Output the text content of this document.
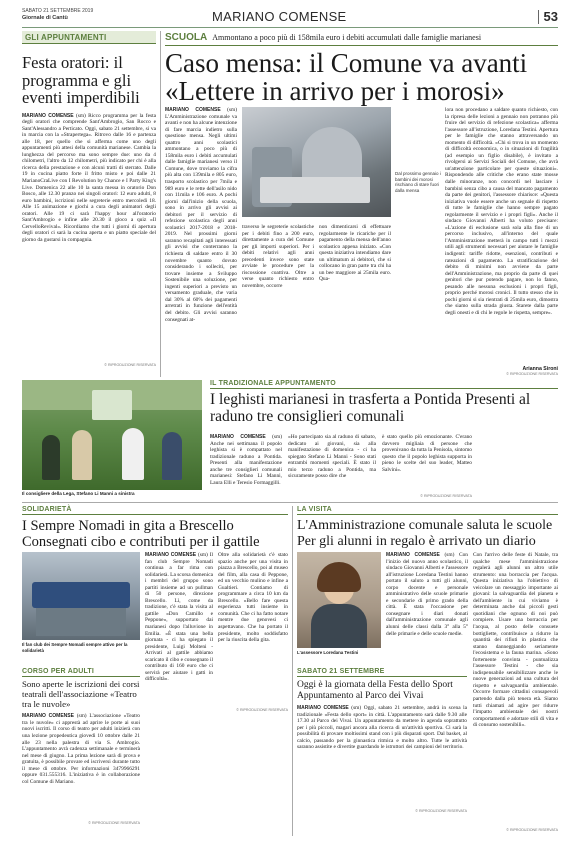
SABATO 21 SETTEMBRE 2019
Giornale di Cantù	MARIANO COMENSE	53
GLI APPUNTAMENTI
Festa oratori: il programma e gli eventi imperdibili
MARIANO COMENSE (sm) Ricco programma per la festa degli oratori che comprende Sant'Ambrogio, San Rocco e Sant'Alessandro a Perticato. Oggi, sabato 21 settembre, si va in marcia con la «Strapertega». Ritrovo dalle 16 e partenza alle 18, per quello che si afferma come uno degli appuntamenti più attesi della comunità marianese. Cambia la lunghezza del percorso ma sono sempre due: uno da 4 chilometri, l'altro da 12 chilometri, più indicato per chi è alla ricerca della prestazione e con alcuni tratti di sterrato. Dalle 19 in cucina piatto forte il fritto misto e poi dalle 21 MarianoCraLive con I Revolution by Chance e I Party King's Live. Domenica 22 alle 10 la santa messa in oratorio Don Bosco, alle 12.30 pranzo nei singoli oratori: 12 euro adulti, 8 euro bambini, iscrizioni nelle segreterie entro mercoledì 18. Alle 15 animazione e giochi a cura degli animatori degli oratori. Alle 19 ci sarà l'happy hour all'oratorio Sant'Ambrogio e infine alle 20.30 il gioco a quiz «Il CervelloRevival». Ricordiamo che tutti i giorni di apertura degli oratori ci sarà la cucina aperta e un piatto speciale del giorno da gustarsi in compagnia.
© RIPRODUZIONE RISERVATA
SCUOLA Ammontano a poco più di 158mila euro i debiti accumulati dalle famiglie marianesi
Caso mensa: il Comune va avanti «Lettere in arrivo per i morosi»
MARIANO COMENSE (sm) L'Amministrazione comunale va avanti e non ha alcune intenzione di fare marcia indietro sulla questione mensa. Negli ultimi quattro anni scolastici ammontano a poco più di 158mila euro i debiti accumulati dalle famiglie marianesi verso il Comune, dove troviamo la cifra più alta con 139mila e 805 euro, trasporto scolastico per 7mila e 989 euro e le rette dell'asilo nido con 11mila e 106 euro. A pochi giorni dall'inizio della scuola, sono in arrivo gli avvisi ai debitori per il servizio di refezione scolastica degli anni scolastici 2017-2018 e 2018-2019. Nel prossimi giorni saranno recapitati agli interessati gli avvisi che conterranno la richiesta di saldare entro il 30 novembre quanto dovuto considerando i solleciti, per trovare insieme a Sviluppo Sostenibile una soluzione, per ingenti superiori a previsto un versamento graduale, che varia dal 30% al 60% dei pagamenti arretrati in funzione dell'entità del debito. Gli avvisi saranno consegnati at-
Dal prossimo gennaio i bambini dei morosi rischiano di stare fuori dalla mensa
traverso le segreterie scolastiche per i debiti fino a 200 euro, direttamente a cura del Comune per gli importi superiori. Per i debiti relativi agli anni precedenti invece sono state avviate le procedure per la riscossione coattiva. Oltre a verse quanto richiesto entro novembre, occorre
non dimenticarsi di effettuare regolarmente le ricariche per il pagamento della mensa dell'anno scolastico appena iniziato. «Con questa iniziativa intendiamo dare un ultimatum ai debitori, che si collocano in gran parte tra chi ha un bee maggiore ai 25mila euro. Qua-
lora non procedano a saldare quanto richiesto, con la ripresa delle lezioni a gennaio non potranno più fruire del servizio di refezione scolastica» afferma l'assessore all'istruzione, Loredana Testini. Apertura per le famiglie che stanno attraversando un momento di difficoltà. «Chi si trova in un momento di difficoltà economica, o in situazioni di fragilità (ad esempio un figlio disabile), è invitato a rivolgersi ai Servizi Sociali del Comune, che avrà un'attenzione particolare per queste situazioni». Rispondendo alle critiche che erano state mosse dalle minoranze, non concordi nel lasciare i bambini senza cibo a causa del mancato pagamento da parte dei genitori, l'assessore chiarisce: «Questa iniziativa vuole essere anche un segnale di rispetto di tutte le famiglie che hanno sempre pagato regolarmente il servizio e i propri figli». Anche il sindaco Giovanni Alberti ha voluto precisare: «L'azione di esclusione sarà sola alla fine di un percorso inclusivo, all'interno del quale l'Amministrazione metterà in campo tutti i mezzi utili agli strumenti necessari per aiutare le famiglie indigenti: tariffe ridotte, esenzioni, contributi e rateazioni di pagamento. La stratificazione del debito di minimi non avviene da parte dell'Amministrazione, ma proprio da parte di quei genitori che pur potendo pagare, non lo fanno, pesando alle nessuna esclusioni i propri figli, proprio perché morosi cronici. Il tutto stesso che in pochi giorni si sia rientrati di 25mila euro, dimostra che siamo sulla strada giusta. Starete dalla parte degli onesti e di chi le regole le rispetta, sempre».
Arianna Sironi
© RIPRODUZIONE RISERVATA
IL TRADIZIONALE APPUNTAMENTO
I leghisti marianesi in trasferta a Pontida Presenti al raduno tre consiglieri comunali
MARIANO COMENSE (sm) Anche nei settimana il popolo leghista si è compattato nel tradizionale raduno a Pontida. Presenti alla manifestazione anche tre consiglieri comunali marianesi: Stefano Li Manni, Laura Elli e Teresio Formaggilli.
«Ho partecipato sia al raduno di sabato, dedicato ai giovani, sia alla manifestazione di domenica - ci ha spiegato Stefano Li Manni - Sono stati entrambi momenti speciali. È stato il mio terzo raduno a Pontida, ma sicuramente posso dire che
è stato quello più emozionante. C'erano davvero migliaia di persone che provenivano da tutta la Penisola, sintomo questo che il popolo leghista supporta in pieno le scelte del suo leader, Matteo Salvini».
© RIPRODUZIONE RISERVATA
Il consigliere della Lega, Stefano Li Manni a sinistra
SOLIDARIETÀ
I Sempre Nomadi in gita a Brescello Consegnati cibo e contributi per il gattile
Il fan club dei Sempre Nomadi sempre attivo per la solidarietà
MARIANO COMENSE (sm) Il fan club Sempre Nomadi continua a far rima con solidarietà. La scorsa domenica i membri del gruppo sono partiti insieme ad un pullman di 50 persone, direzione Brescello. Lì, come da tradizione, c'è stata la visita al gattile «Don Camillo e Peppone», supportato dai marianesi dopo l'alluvione in Emilia. «È stata una bella giornata - ci ha spiegato il presidente, Luigi Molteni - Arrivati al gattile abbiamo scaricato il cibo e consegnato il contributo di 160 euro che ci servirà per aiutare i gatti in difficoltà».
Oltre alla solidarietà c'è stato spazio anche per una visita in piazza a Brescello, poi al museo del film, alla casa di Peppone, ed un vecchio mulino e infine a Gualtieri. Contiamo di programmare a circa 10 km da Brescello. «Bello fare questa esperienza tutti insieme in comunità. Che ci ha fatto notare mentre due genovesi ci aspettavano. Che ha portato il presidente, molto soddisfatto per la riuscita della gita.
© RIPRODUZIONE RISERVATA
CORSO PER ADULTI
Sono aperte le iscrizioni dei corsi teatrali dell'associazione «Teatro tra le nuvole»
MARIANO COMENSE (sm) L'associazione «Teatro tra le nuvole» ci apprestà ad aprire le porte ai suoi nuovi iscritti. Il corso di teatro per adulti inizierà con una lezione propedeutica giovedì 10 ottobre dalle 21 alle 23 nella palestra di via S. Ambrogio. L'appuntamento avrà cadenza settimanale e terminerà nel mese di giugno. La prima lezione sarà di prova e gratuita, è possibile provare ed iscriversi durante tutto il mese di ottobre. Per informazioni 3479966291 oppure 031.555316. L'iniziativa è in collaborazione col Comune di Mariano.
© RIPRODUZIONE RISERVATA
LA VISITA
L'Amministrazione comunale saluta le scuole Per gli alunni in regalo è arrivato un diario
L'assessore Loredana Testini
MARIANO COMENSE (sm) Con l'inizio del nuovo anno scolastico, il sindaco Giovanni Alberti e l'assessore all'istruzione Loredana Testini hanno portato il saluto a tutti gli alunni, corpo docente e personale amministrativo delle scuole primarie e secondarie di primo grado della città. È stata l'occasione per consegnare i diari donati dall'amministrazione comunale agli alunni delle classi dalla 3° alla 5° delle primarie e delle scuole medie.
Con l'arrivo delle feste di Natale, tra qualche mese l'amministrazione regalerà agli alunni un altro utile strumento: una borraccia per l'acqua. Questa iniziativa ha l'obiettivo di veicolare un messaggio importante ai giovani: la salvaguardia del pianeta e dell'ambiente in cui viviamo è determinata anche dai piccoli gesti quotidiani che ognuno di noi può compiere. Usare una borraccia per l'acqua, al posto delle consuete bottigliette, contribuisce a ridurre la quantità dei rifiuti in plastica che stanno danneggiando seriamente l'ecosistema e la fauna marina. «Sono fortemente convinta - puntualizza l'assessore Testini - che sia indispensabile sensibilizzare anche le nuove generazioni ad una cultura del rispetto e salvaguardia ambientale. Occorre formare cittadini consapevoli partendo dalla più tenera età. Siamo tutti chiamati ad agire per ridurre l'impatto ambientale dei nostri comportamenti e adottare stili di vita e di consumo sostenibili».
© RIPRODUZIONE RISERVATA
SABATO 21 SETTEMBRE
Oggi è la giornata della Festa dello Sport Appuntamento al Parco dei Vivai
MARIANO COMENSE (sm) Oggi, sabato 21 settembre, andrà in scena la tradizionale «Festa dello sport» in città. L'appuntamento sarà dalle 9.30 alle 17.30 al Parco dei Vivai. Un appuntamento da mettere in agenda soprattutto per i più piccoli, magari ancora alla ricerca di un'attività sportiva. Ci sarà la possibilità di provare moltissimi stand con i più disparati sport. Dal basket, al calcio, passando per la ginnastica ritmica e molto altro. Tutte le attività saranno assistite e divertite guardando le istruttori dei campioni del territorio.
© RIPRODUZIONE RISERVATA
